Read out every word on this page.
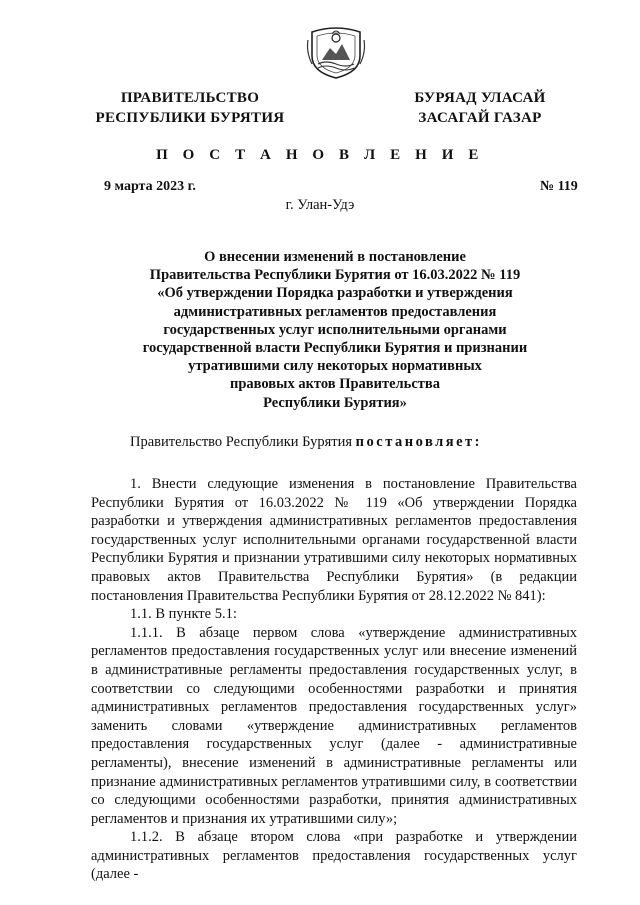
ПРАВИТЕЛЬСТВО
РЕСПУБЛИКИ БУРЯТИЯ
БУРЯАД УЛАСАЙ
ЗАСАГАЙ ГАЗАР
П О С Т А Н О В Л Е Н И Е
9 марта 2023 г.	№ 119
г. Улан-Удэ
О внесении изменений в постановление
Правительства Республики Бурятия от 16.03.2022 № 119
«Об утверждении Порядка разработки и утверждения
административных регламентов предоставления
государственных услуг исполнительными органами
государственной власти Республики Бурятия и признании
утратившими силу некоторых нормативных
правовых актов Правительства
Республики Бурятия»
Правительство Республики Бурятия постановляет:

1. Внести следующие изменения в постановление Правительства Республики Бурятия от 16.03.2022 № 119 «Об утверждении Порядка разработки и утверждения административных регламентов предоставления государственных услуг исполнительными органами государственной власти Республики Бурятия и признании утратившими силу некоторых нормативных правовых актов Правительства Республики Бурятия» (в редакции постановления Правительства Республики Бурятия от 28.12.2022 № 841):

1.1. В пункте 5.1:

1.1.1. В абзаце первом слова «утверждение административных регламентов предоставления государственных услуг или внесение изменений в административные регламенты предоставления государственных услуг, в соответствии со следующими особенностями разработки и принятия административных регламентов предоставления государственных услуг» заменить словами «утверждение административных регламентов предоставления государственных услуг (далее - административные регламенты), внесение изменений в административные регламенты или признание административных регламентов утратившими силу, в соответствии со следующими особенностями разработки, принятия административных регламентов и признания их утратившими силу»;

1.1.2. В абзаце втором слова «при разработке и утверждении административных регламентов предоставления государственных услуг (далее -
